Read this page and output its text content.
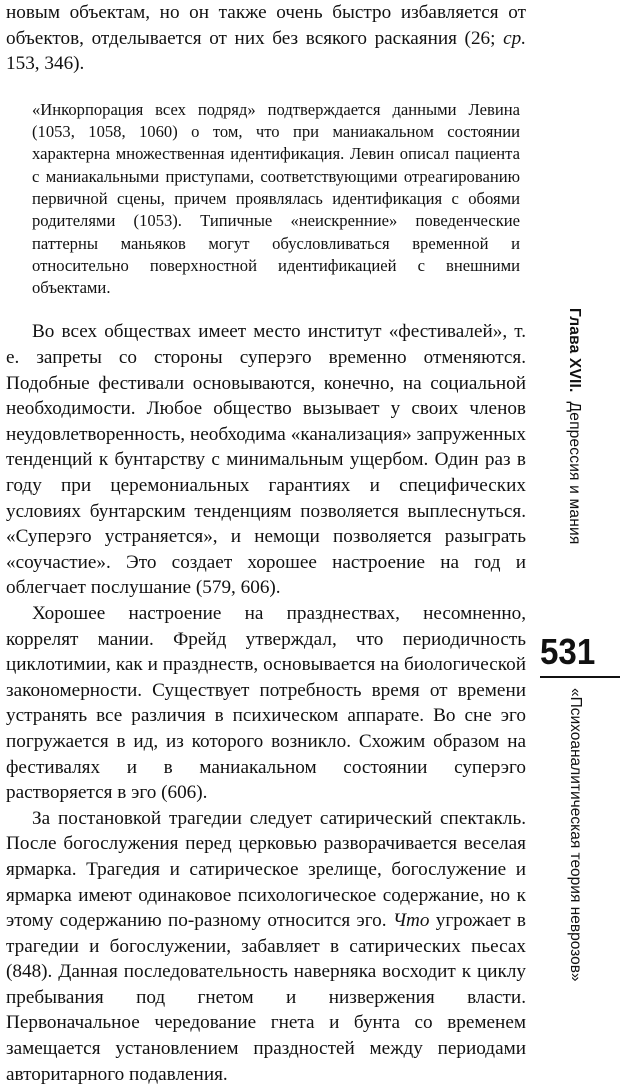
новым объектам, но он также очень быстро избавляется от объектов, отделывается от них без всякого раскаяния (26; ср. 153, 346).

«Инкорпорация всех подряд» подтверждается данными Левина (1053, 1058, 1060) о том, что при маниакальном состоянии характерна множественная идентификация. Левин описал пациента с маниакальными приступами, соответствующими отреагированию первичной сцены, причем проявлялась идентификация с обоями родителями (1053). Типичные «неискренние» поведенческие паттерны маньяков могут обусловливаться временной и относительно поверхностной идентификацией с внешними объектами.

Во всех обществах имеет место институт «фестивалей», т. е. запреты со стороны суперэго временно отменяются. Подобные фестивали основываются, конечно, на социальной необходимости. Любое общество вызывает у своих членов неудовлетворенность, необходима «канализация» запруженных тенденций к бунтарству с минимальным ущербом. Один раз в году при церемониальных гарантиях и специфических условиях бунтарским тенденциям позволяется выплеснуться. «Суперэго устраняется», и немощи позволяется разыграть «соучастие». Это создает хорошее настроение на год и облегчает послушание (579, 606).

Хорошее настроение на празднествах, несомненно, коррелят мании. Фрейд утверждал, что периодичность циклотимии, как и празднеств, основывается на биологической закономерности. Существует потребность время от времени устранять все различия в психическом аппарате. Во сне эго погружается в ид, из которого возникло. Схожим образом на фестивалях и в маниакальном состоянии суперэго растворяется в эго (606).

За постановкой трагедии следует сатирический спектакль. После богослужения перед церковью разворачивается веселая ярмарка. Трагедия и сатирическое зрелище, богослужение и ярмарка имеют одинаковое психологическое содержание, но к этому содержанию по-разному относится эго. Что угрожает в трагедии и богослужении, забавляет в сатирических пьесах (848). Данная последовательность наверняка восходит к циклу пребывания под гнетом и низвержения власти. Первоначальное чередование гнета и бунта со временем замещается установлением праздностей между периодами авторитарного подавления.

Глава XVII.  Депрессия и мания
531
«Психоаналитическая теория неврозов»
